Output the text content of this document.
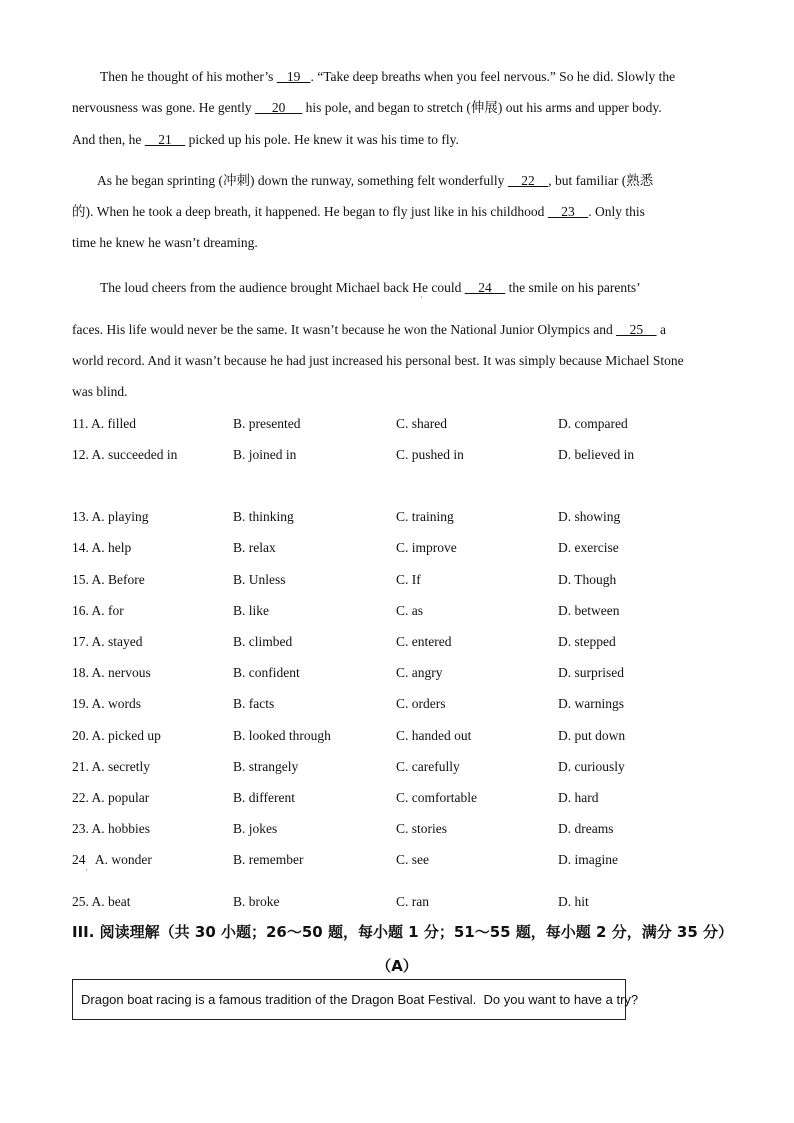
Then he thought of his mother’s    19   . “Take deep breaths when you feel nervous.” So he did. Slowly the
nervousness was gone. He gently      20      his pole, and began to stretch (伸展) out his arms and upper body.
And then, he     21     picked up his pole. He knew it was his time to fly.
As he began sprinting (冲刺) down the runway, something felt wonderfully     22    , but familiar (熟悉
的). When he took a deep breath, it happened. He began to fly just like in his childhood     23    . Only this
time he knew he wasn’t dreaming.
The loud cheers from the audience brought Michael back He could     24     the smile on his parents’
·
faces. His life would never be the same. It wasn’t because he won the National Junior Olympics and     25     a
world record. And it wasn’t because he had just increased his personal best. It was simply because Michael Stone
was blind.
11. A. filled	B. presented	C. shared	D. compared
12. A. succeeded in	B. joined in	C. pushed in	D. believed in
13. A. playing	B. thinking	C. training	D. showing
14. A. help	B. relax	C. improve	D. exercise
15. A. Before	B. Unless	C. If	D. Though
16. A. for	B. like	C. as	D. between
17. A. stayed	B. climbed	C. entered	D. stepped
18. A. nervous	B. confident	C. angry	D. surprised
19. A. words	B. facts	C. orders	D. warnings
20. A. picked up	B. looked through	C. handed out	D. put down
21. A. secretly	B. strangely	C. carefully	D. curiously
22. A. popular	B. different	C. comfortable	D. hard
23. A. hobbies	B. jokes	C. stories	D. dreams
24   A. wonder	B. remember	C. see	D. imagine
·
25. A. beat	B. broke	C. ran	D. hit
III. 阅读理解（共 30 小题；26～50 题，每小题 1 分；51～55 题，每小题 2 分，满分 35 分）
（A）
Dragon boat racing is a famous tradition of the Dragon Boat Festival.  Do you want to have a try?
